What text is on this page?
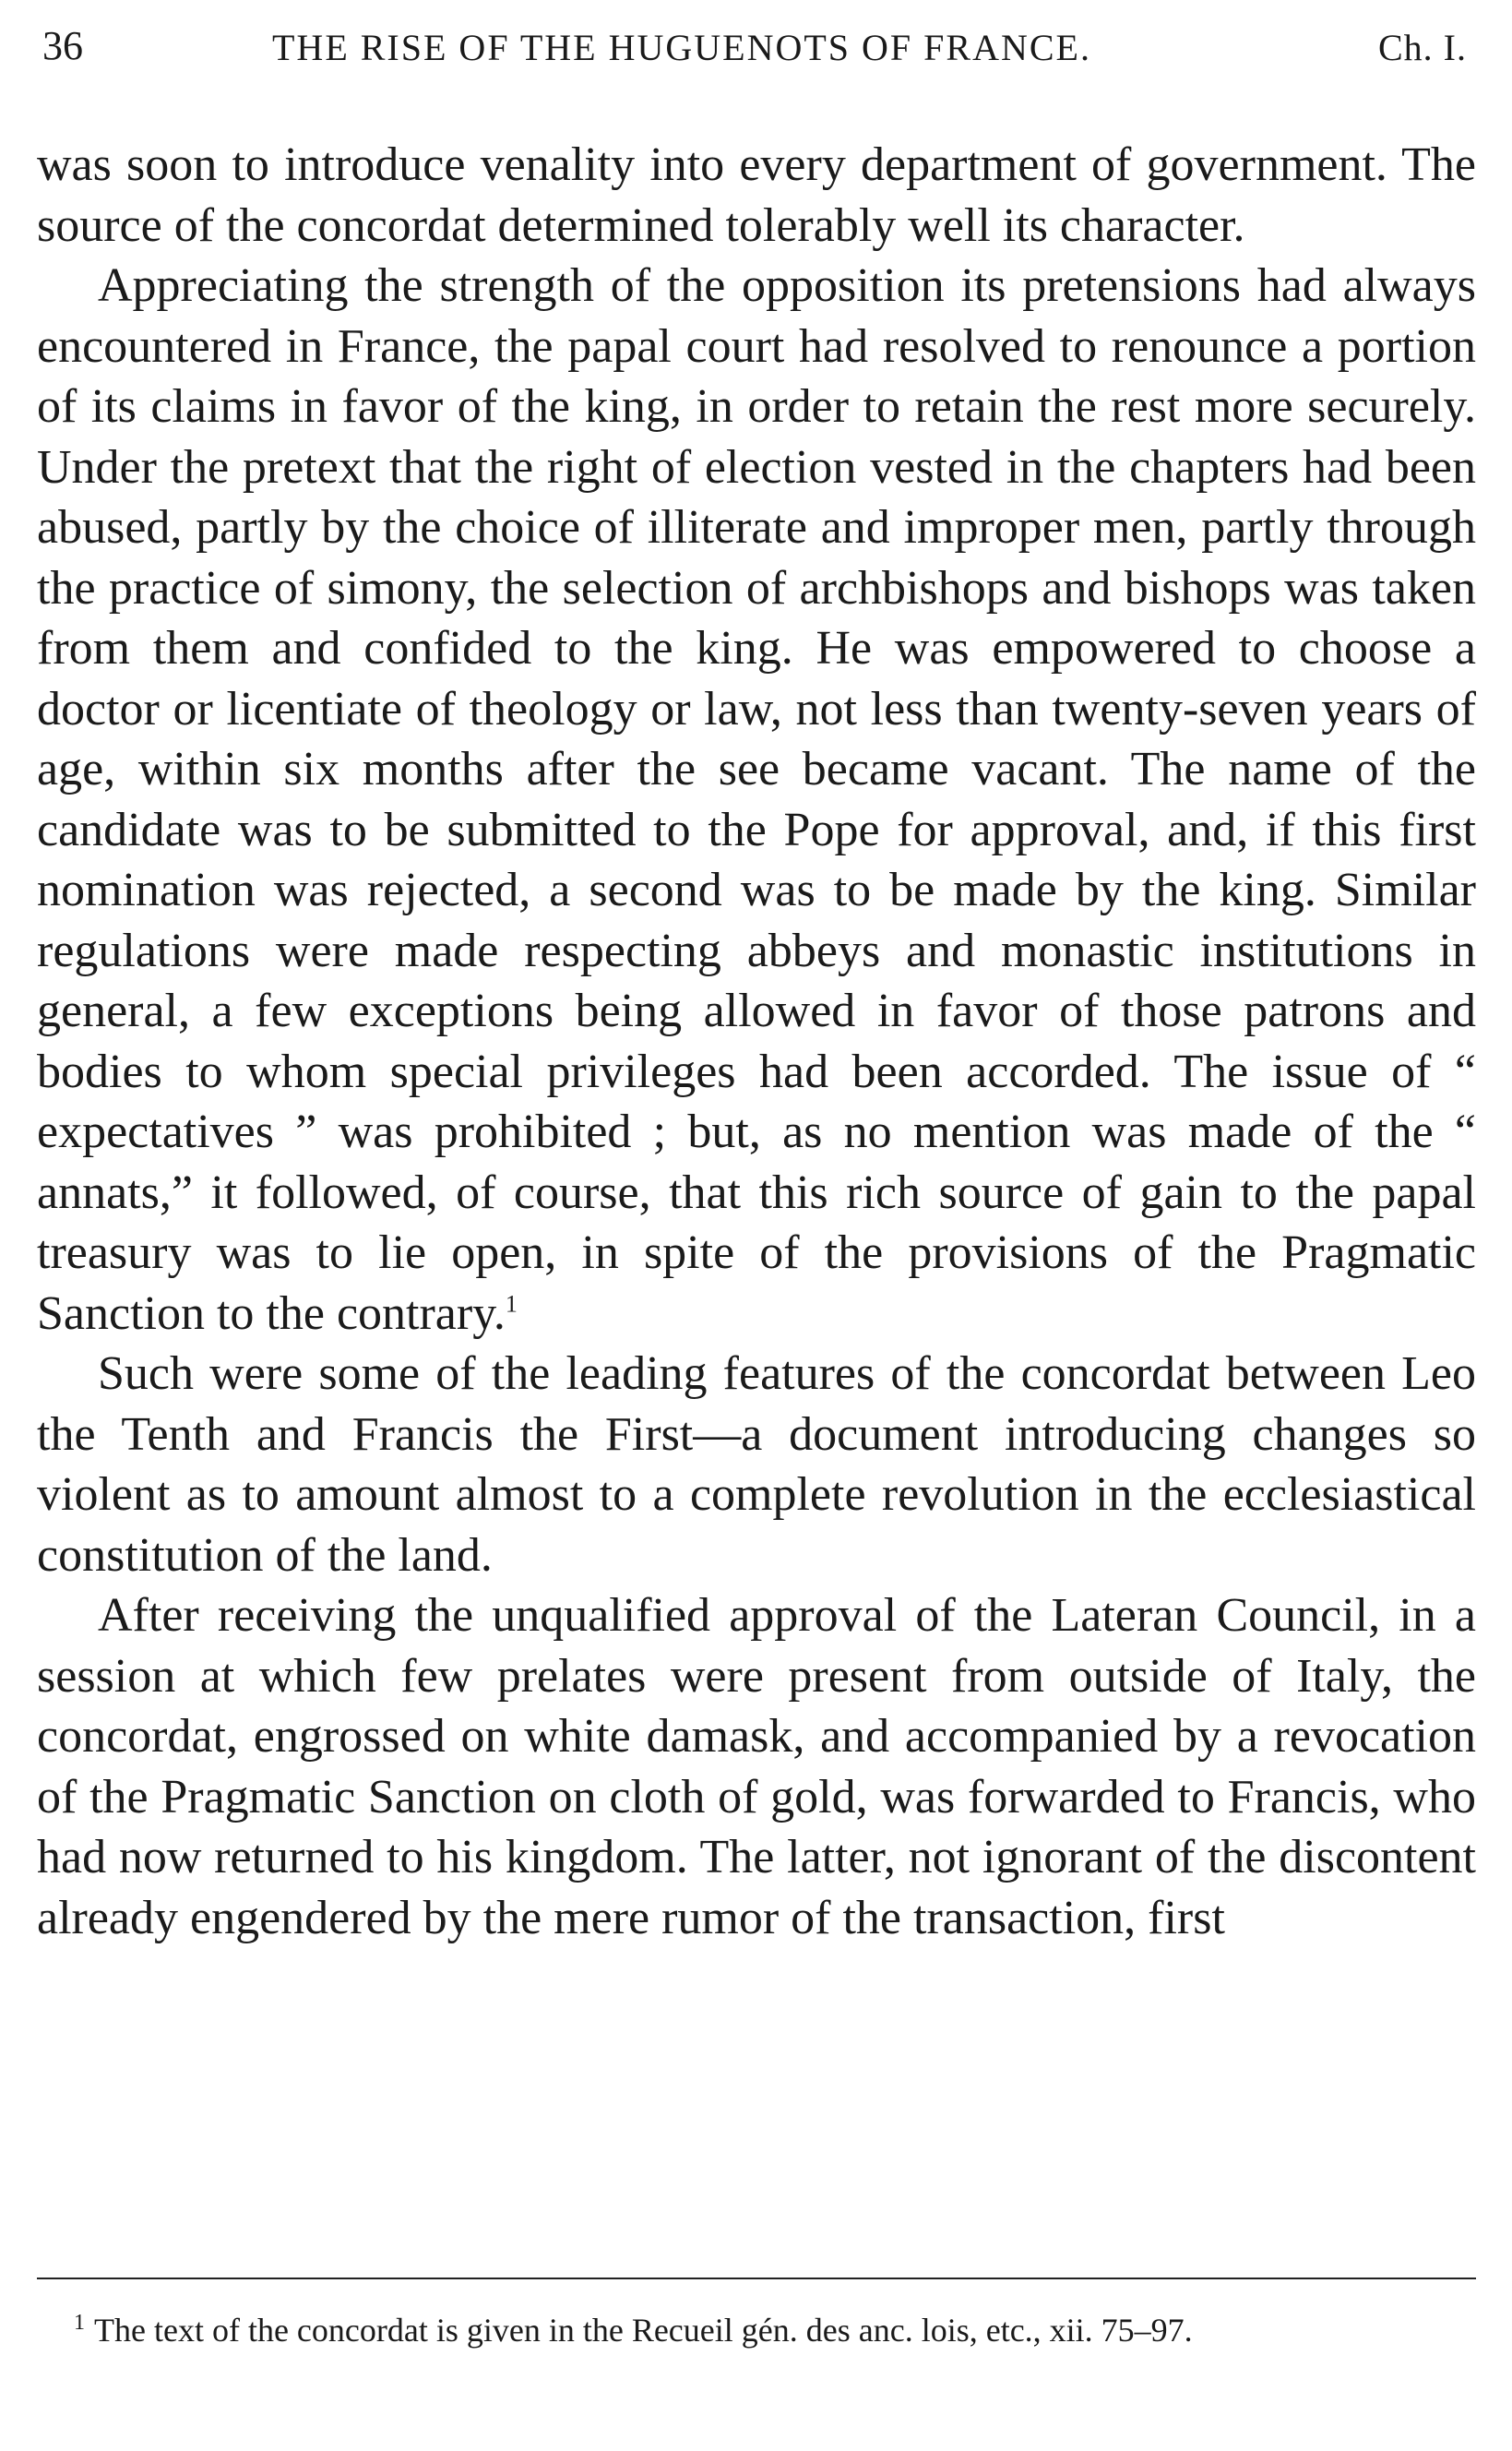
36	THE RISE OF THE HUGUENOTS OF FRANCE.	Ch. I.

was soon to introduce venality into every department of government. The source of the concordat determined tolerably well its character.

Appreciating the strength of the opposition its pretensions had always encountered in France, the papal court had resolved to renounce a portion of its claims in favor of the king, in order to retain the rest more securely. Under the pretext that the right of election vested in the chapters had been abused, partly by the choice of illiterate and improper men, partly through the practice of simony, the selection of archbishops and bishops was taken from them and confided to the king. He was empowered to choose a doctor or licentiate of theology or law, not less than twenty-seven years of age, within six months after the see became vacant. The name of the candidate was to be submitted to the Pope for approval, and, if this first nomination was rejected, a second was to be made by the king. Similar regulations were made respecting abbeys and monastic institutions in general, a few exceptions being allowed in favor of those patrons and bodies to whom special privileges had been accorded. The issue of “ expectatives ” was prohibited ; but, as no mention was made of the “ annats,” it followed, of course, that this rich source of gain to the papal treasury was to lie open, in spite of the provisions of the Pragmatic Sanction to the contrary.$^1$

Such were some of the leading features of the concordat between Leo the Tenth and Francis the First—a document introducing changes so violent as to amount almost to a complete revolution in the ecclesiastical constitution of the land.

After receiving the unqualified approval of the Lateran Council, in a session at which few prelates were present from outside of Italy, the concordat, engrossed on white damask, and accompanied by a revocation of the Pragmatic Sanction on cloth of gold, was forwarded to Francis, who had now returned to his kingdom. The latter, not ignorant of the discontent already engendered by the mere rumor of the transaction, first

1 The text of the concordat is given in the Recueil gén. des anc. lois, etc., xii. 75–97.
